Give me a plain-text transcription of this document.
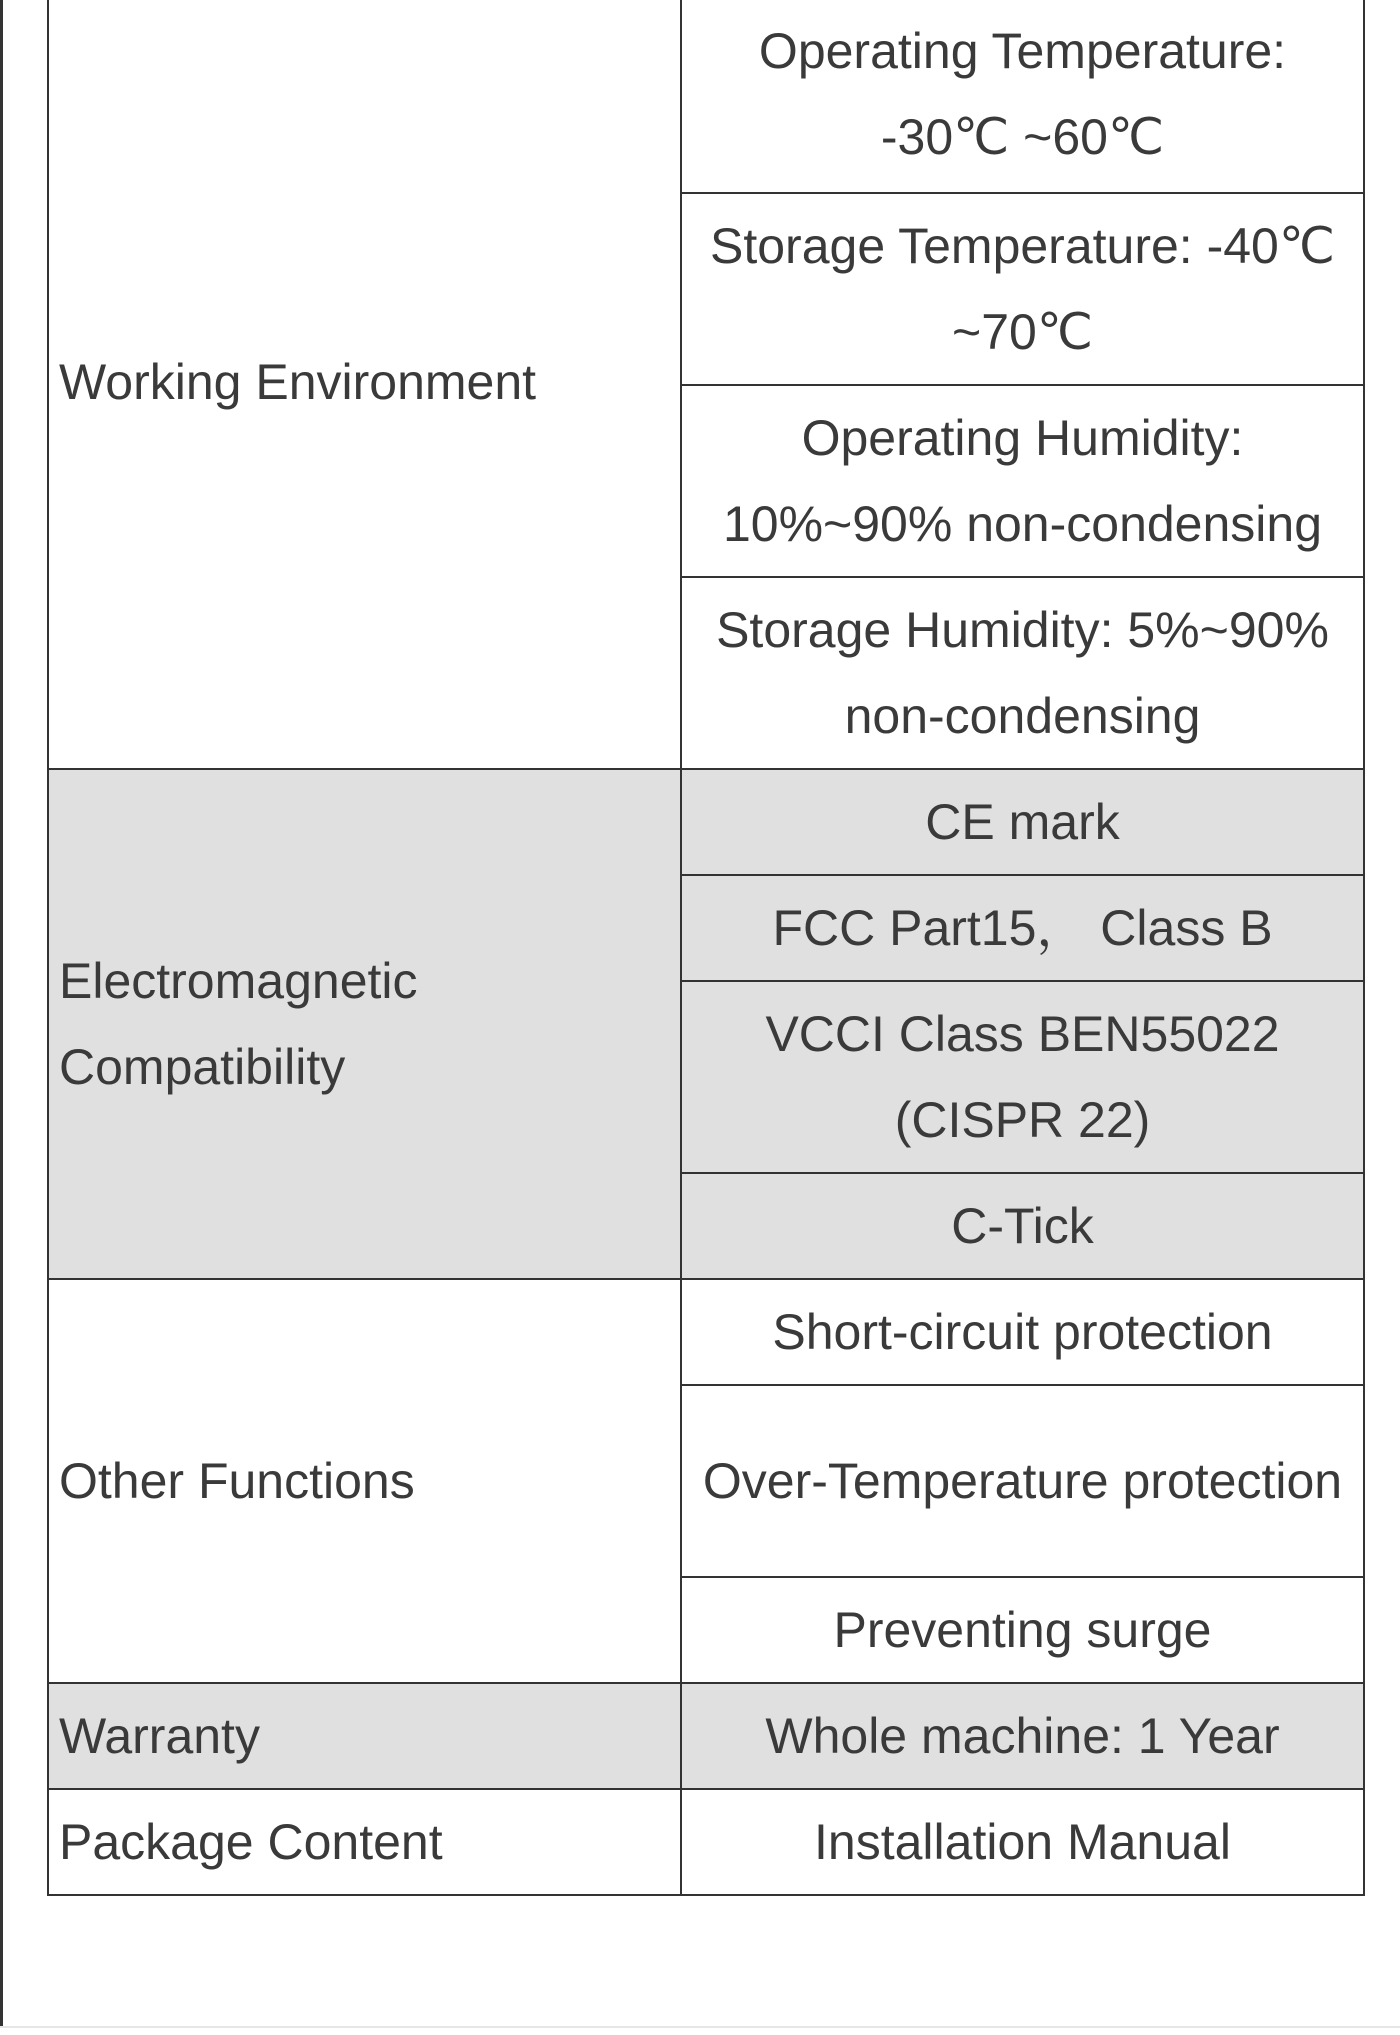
Working Environment	Operating Temperature: -30℃ ~60℃
	Storage Temperature: -40℃ ~70℃
	Operating Humidity: 10%~90% non-condensing
	Storage Humidity: 5%~90% non-condensing
Electromagnetic Compatibility	CE mark
	FCC Part15， Class B
	VCCI Class BEN55022 (CISPR 22)
	C-Tick
Other Functions	Short-circuit protection
	Over-Temperature protection
	Preventing surge
Warranty	Whole machine: 1 Year
Package Content	Installation Manual
